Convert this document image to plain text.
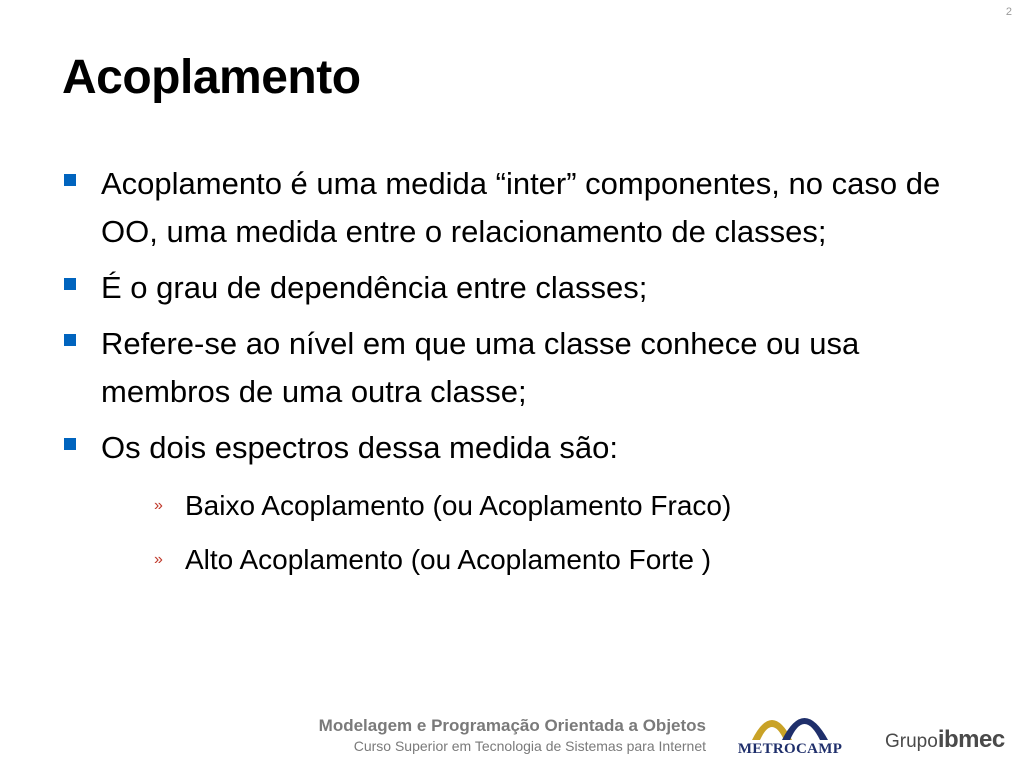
2
Acoplamento
Acoplamento é uma medida “inter” componentes, no caso de OO, uma medida entre o relacionamento de classes;
É o grau de dependência entre classes;
Refere-se ao nível em que uma classe conhece ou usa membros de uma outra classe;
Os dois espectros dessa medida são:
» Baixo Acoplamento (ou Acoplamento Fraco)
» Alto Acoplamento (ou Acoplamento Forte )
Modelagem e Programação Orientada a Objetos
Curso Superior em Tecnologia de Sistemas para Internet METROCAMP Grupoibmec
